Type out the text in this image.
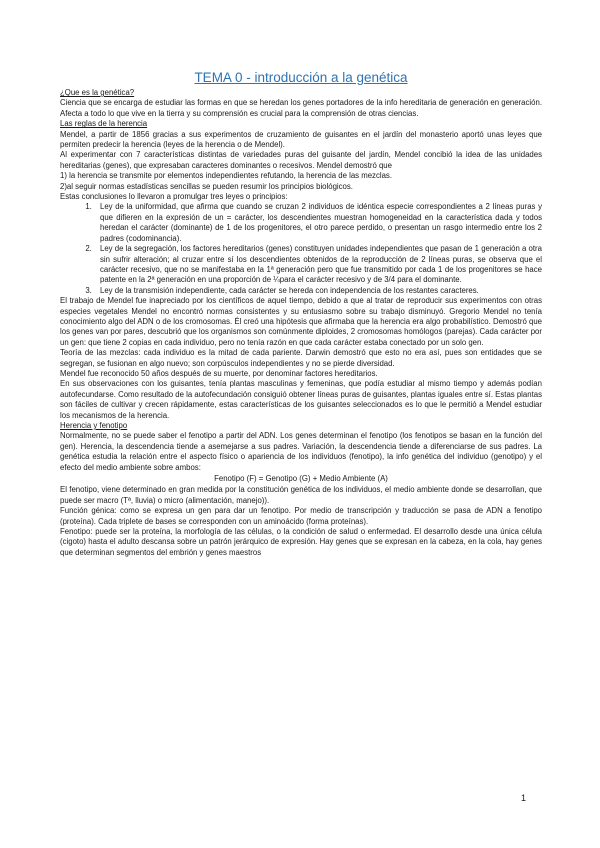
TEMA 0 - introducción a la genética

¿Que es la genética?

Ciencia que se encarga de estudiar las formas en que se heredan los genes portadores de la info hereditaria de generación en generación. Afecta a todo lo que vive en la tierra y su comprensión es crucial para la comprensión de otras ciencias.

Las reglas de la herencia

Mendel, a partir de 1856 gracias a sus experimentos de cruzamiento de guisantes en el jardín del monasterio aportó unas leyes que permiten predecir la herencia (leyes de la herencia o de Mendel).

Al experimentar con 7 características distintas de variedades puras del guisante del jardín, Mendel concibió la idea de las unidades hereditarias (genes), que expresaban caracteres dominantes o recesivos. Mendel demostró que

1) la herencia se transmite por elementos independientes refutando, la herencia de las mezclas.

2)al seguir normas estadísticas sencillas se pueden resumir los principios biológicos.

Estas conclusiones lo llevaron a promulgar tres leyes o principios:

1. Ley de la uniformidad, que afirma que cuando se cruzan 2 individuos de idéntica especie correspondientes a 2 líneas puras y que difieren en la expresión de un = carácter, los descendientes muestran homogeneidad en la característica dada y todos heredan el carácter (dominante) de 1 de los progenitores, el otro parece perdido, o presentan un rasgo intermedio entre los 2 padres (codominancia).
2. Ley de la segregación, los factores hereditarios (genes) constituyen unidades independientes que pasan de 1 generación a otra sin sufrir alteración; al cruzar entre sí los descendientes obtenidos de la reproducción de 2 líneas puras, se observa que el carácter recesivo, que no se manifestaba en la 1ª generación pero que fue transmitido por cada 1 de los progenitores se hace patente en la 2ª generación en una proporción de ¼para el carácter recesivo y de 3/4 para el dominante.
3. Ley de la transmisión independiente, cada carácter se hereda con independencia de los restantes caracteres.

El trabajo de Mendel fue inapreciado por los científicos de aquel tiempo, debido a que al tratar de reproducir sus experimentos con otras especies vegetales Mendel no encontró normas consistentes y su entusiasmo sobre su trabajo disminuyó. Gregorio Mendel no tenía conocimiento algo del ADN o de los cromosomas. Él creó una hipótesis que afirmaba que la herencia era algo probabilístico. Demostró que los genes van por pares, descubrió que los organismos son comúnmente diploides, 2 cromosomas homólogos (parejas). Cada carácter por un gen: que tiene 2 copias en cada individuo, pero no tenía razón en que cada carácter estaba conectado por un solo gen.

Teoría de las mezclas: cada individuo es la mitad de cada pariente. Darwin demostró que esto no era así, pues son entidades que se segregan, se fusionan en algo nuevo; son corpúsculos independientes y no se pierde diversidad.

Mendel fue reconocido 50 años después de su muerte, por denominar factores hereditarios.

En sus observaciones con los guisantes, tenía plantas masculinas y femeninas, que podía estudiar al mismo tiempo y además podían autofecundarse. Como resultado de la autofecundación consiguió obtener líneas puras de guisantes, plantas iguales entre sí. Estas plantas son fáciles de cultivar y crecen rápidamente, estas características de los guisantes seleccionados es lo que le permitió a Mendel estudiar los mecanismos de la herencia.

Herencia y fenotipo

Normalmente, no se puede saber el fenotipo a partir del ADN. Los genes determinan el fenotipo (los fenotipos se basan en la función del gen). Herencia, la descendencia tiende a asemejarse a sus padres. Variación, la descendencia tiende a diferenciarse de sus padres. La genética estudia la relación entre el aspecto físico o apariencia de los individuos (fenotipo), la info genética del individuo (genotipo) y el efecto del medio ambiente sobre ambos:

Fenotipo (F) = Genotipo (G) + Medio Ambiente (A)

El fenotipo, viene determinado en gran medida por la constitución genética de los individuos, el medio ambiente donde se desarrollan, que puede ser macro (Tª, lluvia) o micro (alimentación, manejo)).

Función génica: como se expresa un gen para dar un fenotipo. Por medio de transcripción y traducción se pasa de ADN a fenotipo (proteína). Cada triplete de bases se corresponden con un aminoácido (forma proteínas).

Fenotipo: puede ser la proteína, la morfología de las células, o la condición de salud o enfermedad. El desarrollo desde una única célula (cigoto) hasta el adulto descansa sobre un patrón jerárquico de expresión. Hay genes que se expresan en la cabeza, en la cola, hay genes que determinan segmentos del embrión y genes maestros

1
